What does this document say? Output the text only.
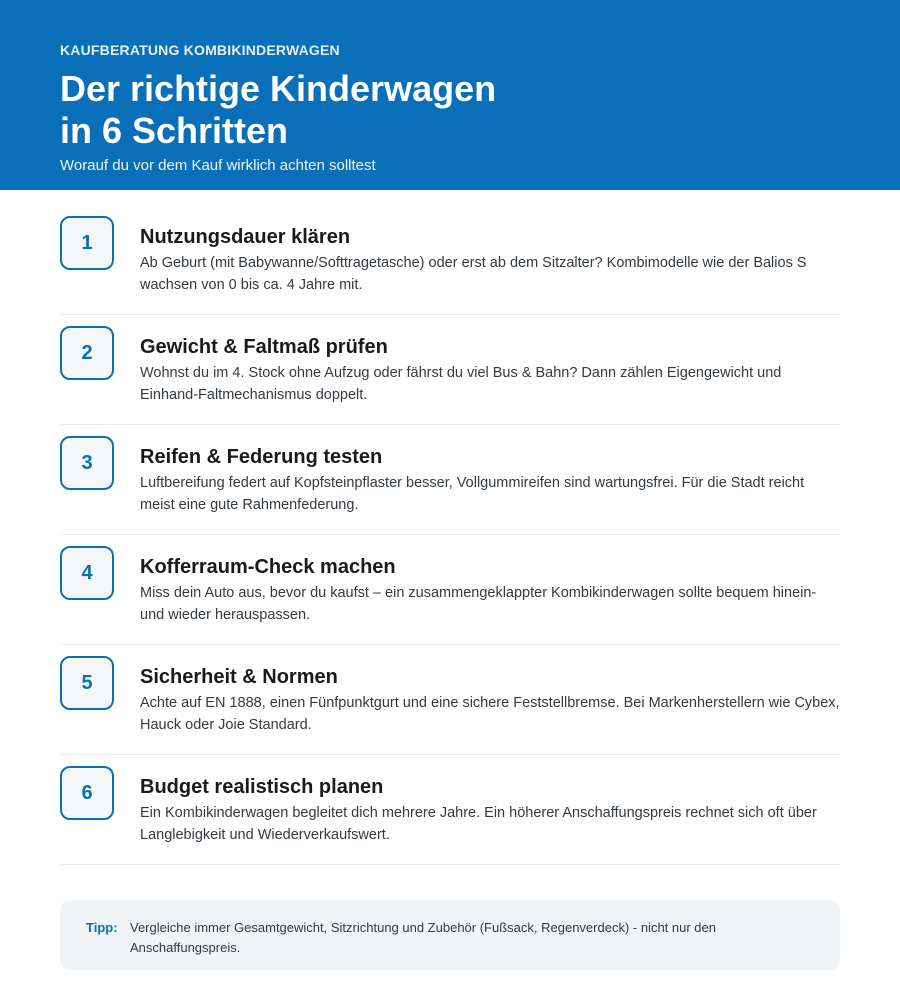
KAUFBERATUNG KOMBIKINDERWAGEN
Der richtige Kinderwagen
in 6 Schritten
Worauf du vor dem Kauf wirklich achten solltest
1	Nutzungsdauer klären
Ab Geburt (mit Babywanne/Softtragetasche) oder erst ab dem Sitzalter? Kombimodelle wie der Balios S wachsen von 0 bis ca. 4 Jahre mit.
2	Gewicht & Faltmaß prüfen
Wohnst du im 4. Stock ohne Aufzug oder fährst du viel Bus & Bahn? Dann zählen Eigengewicht und Einhand-Faltmechanismus doppelt.
3	Reifen & Federung testen
Luftbereifung federt auf Kopfsteinpflaster besser, Vollgummireifen sind wartungsfrei. Für die Stadt reicht meist eine gute Rahmenfederung.
4	Kofferraum-Check machen
Miss dein Auto aus, bevor du kaufst – ein zusammengeklappter Kombikinderwagen sollte bequem hinein- und wieder herauspassen.
5	Sicherheit & Normen
Achte auf EN 1888, einen Fünfpunktgurt und eine sichere Feststellbremse. Bei Markenherstellern wie Cybex, Hauck oder Joie Standard.
6	Budget realistisch planen
Ein Kombikinderwagen begleitet dich mehrere Jahre. Ein höherer Anschaffungspreis rechnet sich oft über Langlebigkeit und Wiederverkaufswert.
Tipp: Vergleiche immer Gesamtgewicht, Sitzrichtung und Zubehör (Fußsack, Regenverdeck) - nicht nur den Anschaffungspreis.
